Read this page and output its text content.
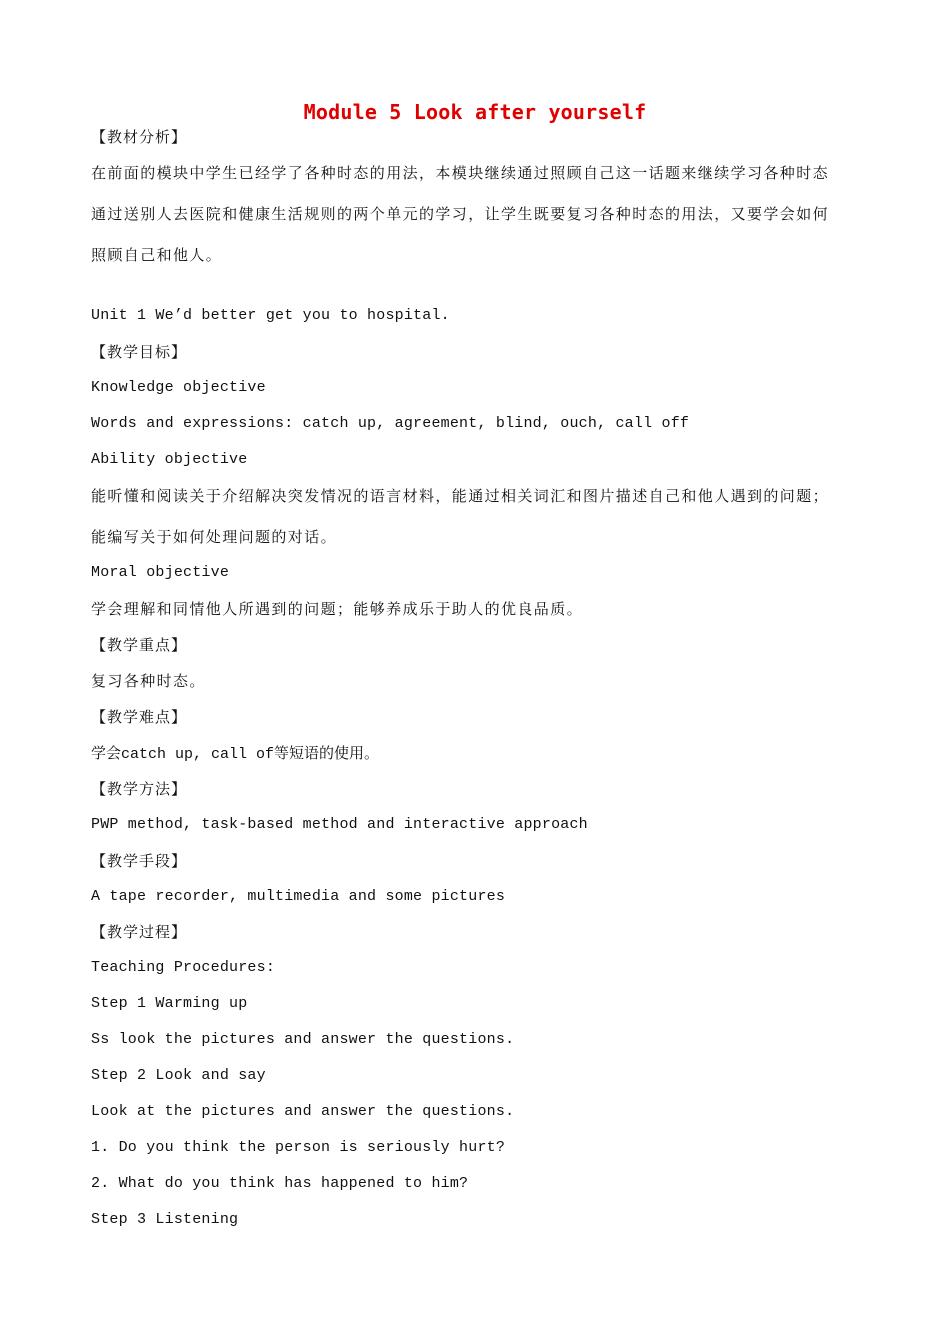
Module 5 Look after yourself
【教材分析】
在前面的模块中学生已经学了各种时态的用法，本模块继续通过照顾自己这一话题来继续学习各种时态
通过送别人去医院和健康生活规则的两个单元的学习，让学生既要复习各种时态的用法，又要学会如何
照顾自己和他人。
Unit 1 We’d better get you to hospital.
【教学目标】
Knowledge objective
Words and expressions: catch up, agreement, blind, ouch, call off
Ability objective
能听懂和阅读关于介绍解决突发情况的语言材料，能通过相关词汇和图片描述自己和他人遇到的问题；
能编写关于如何处理问题的对话。
Moral objective
学会理解和同情他人所遇到的问题；能够养成乐于助人的优良品质。
【教学重点】
复习各种时态。
【教学难点】
学会catch up, call of等短语的使用。
【教学方法】
PWP method, task-based method and interactive approach
【教学手段】
A tape recorder, multimedia and some pictures
【教学过程】
Teaching Procedures:
Step 1 Warming up
Ss look the pictures and answer the questions.
Step 2 Look and say
Look at the pictures and answer the questions.
1. Do you think the person is seriously hurt?
2. What do you think has happened to him?
Step 3 Listening
